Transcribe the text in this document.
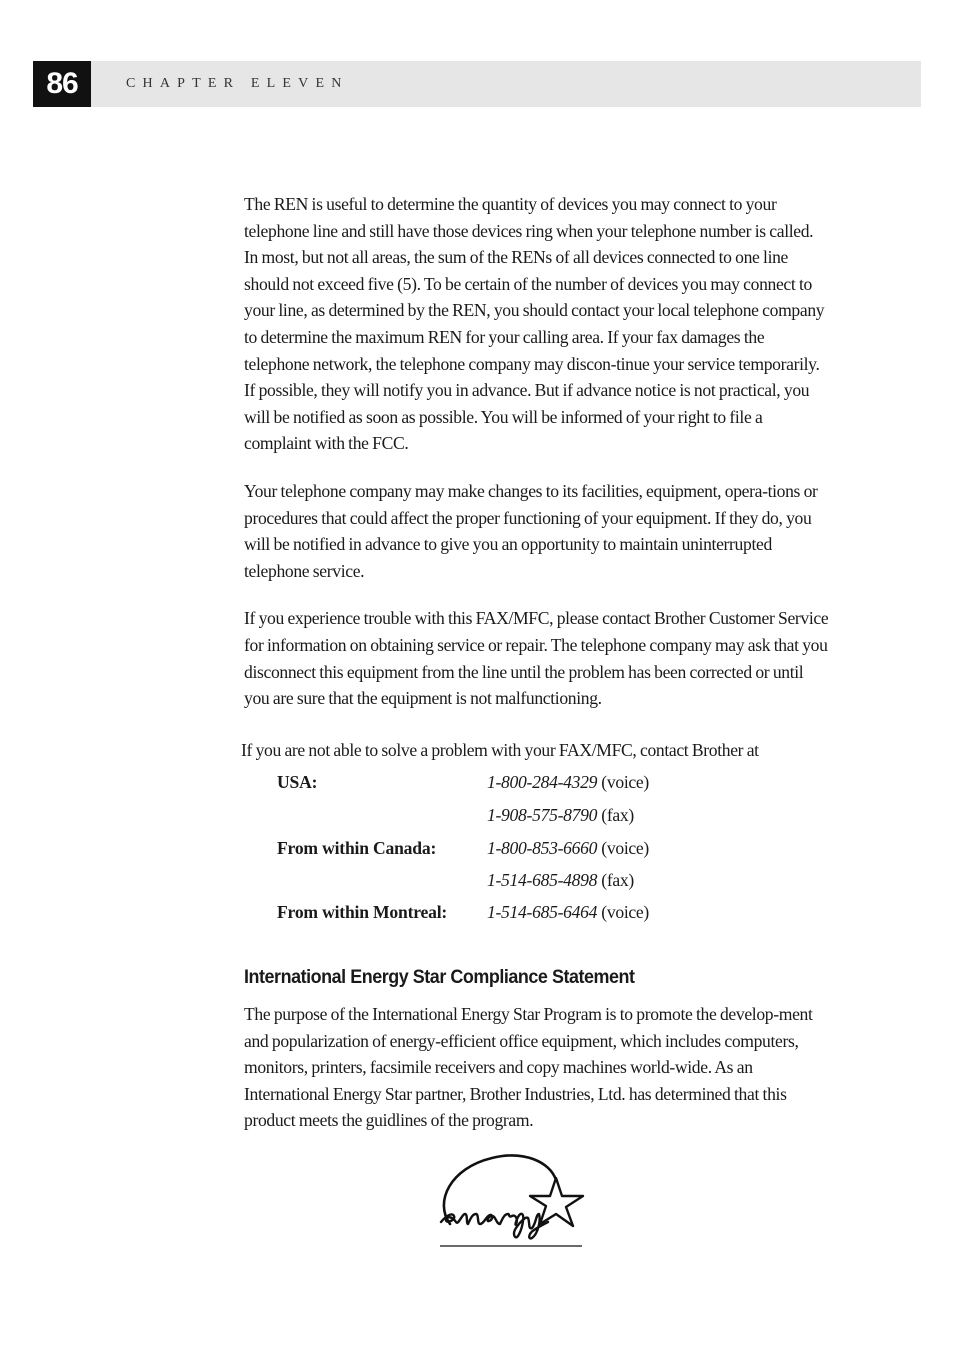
86	CHAPTER ELEVEN

The REN is useful to determine the quantity of devices you may connect to your telephone line and still have those devices ring when your telephone number is called. In most, but not all areas, the sum of the RENs of all devices connected to one line should not exceed five (5). To be certain of the number of devices you may connect to your line, as determined by the REN, you should contact your local telephone company to determine the maximum REN for your calling area. If your fax damages the telephone network, the telephone company may discon-tinue your service temporarily. If possible, they will notify you in advance. But if advance notice is not practical, you will be notified as soon as possible. You will be informed of your right to file a complaint with the FCC.

Your telephone company may make changes to its facilities, equipment, opera-tions or procedures that could affect the proper functioning of your equipment. If they do, you will be notified in advance to give you an opportunity to maintain uninterrupted telephone service.

If you experience trouble with this FAX/MFC, please contact Brother Customer Service for information on obtaining service or repair. The telephone company may ask that you disconnect this equipment from the line until the problem has been corrected or until you are sure that the equipment is not malfunctioning.

If you are not able to solve a problem with your FAX/MFC, contact Brother at
USA:	1-800-284-4329 (voice)
1-908-575-8790 (fax)
From within Canada:	1-800-853-6660 (voice)
1-514-685-4898 (fax)
From within Montreal: 1-514-685-6464 (voice)
International Energy Star Compliance Statement

The purpose of the International Energy Star Program is to promote the develop-ment and popularization of energy-efficient office equipment, which includes computers, monitors, printers, facsimile receivers and copy machines world-wide. As an International Energy Star partner, Brother Industries, Ltd. has determined that this product meets the guidlines of the program.
